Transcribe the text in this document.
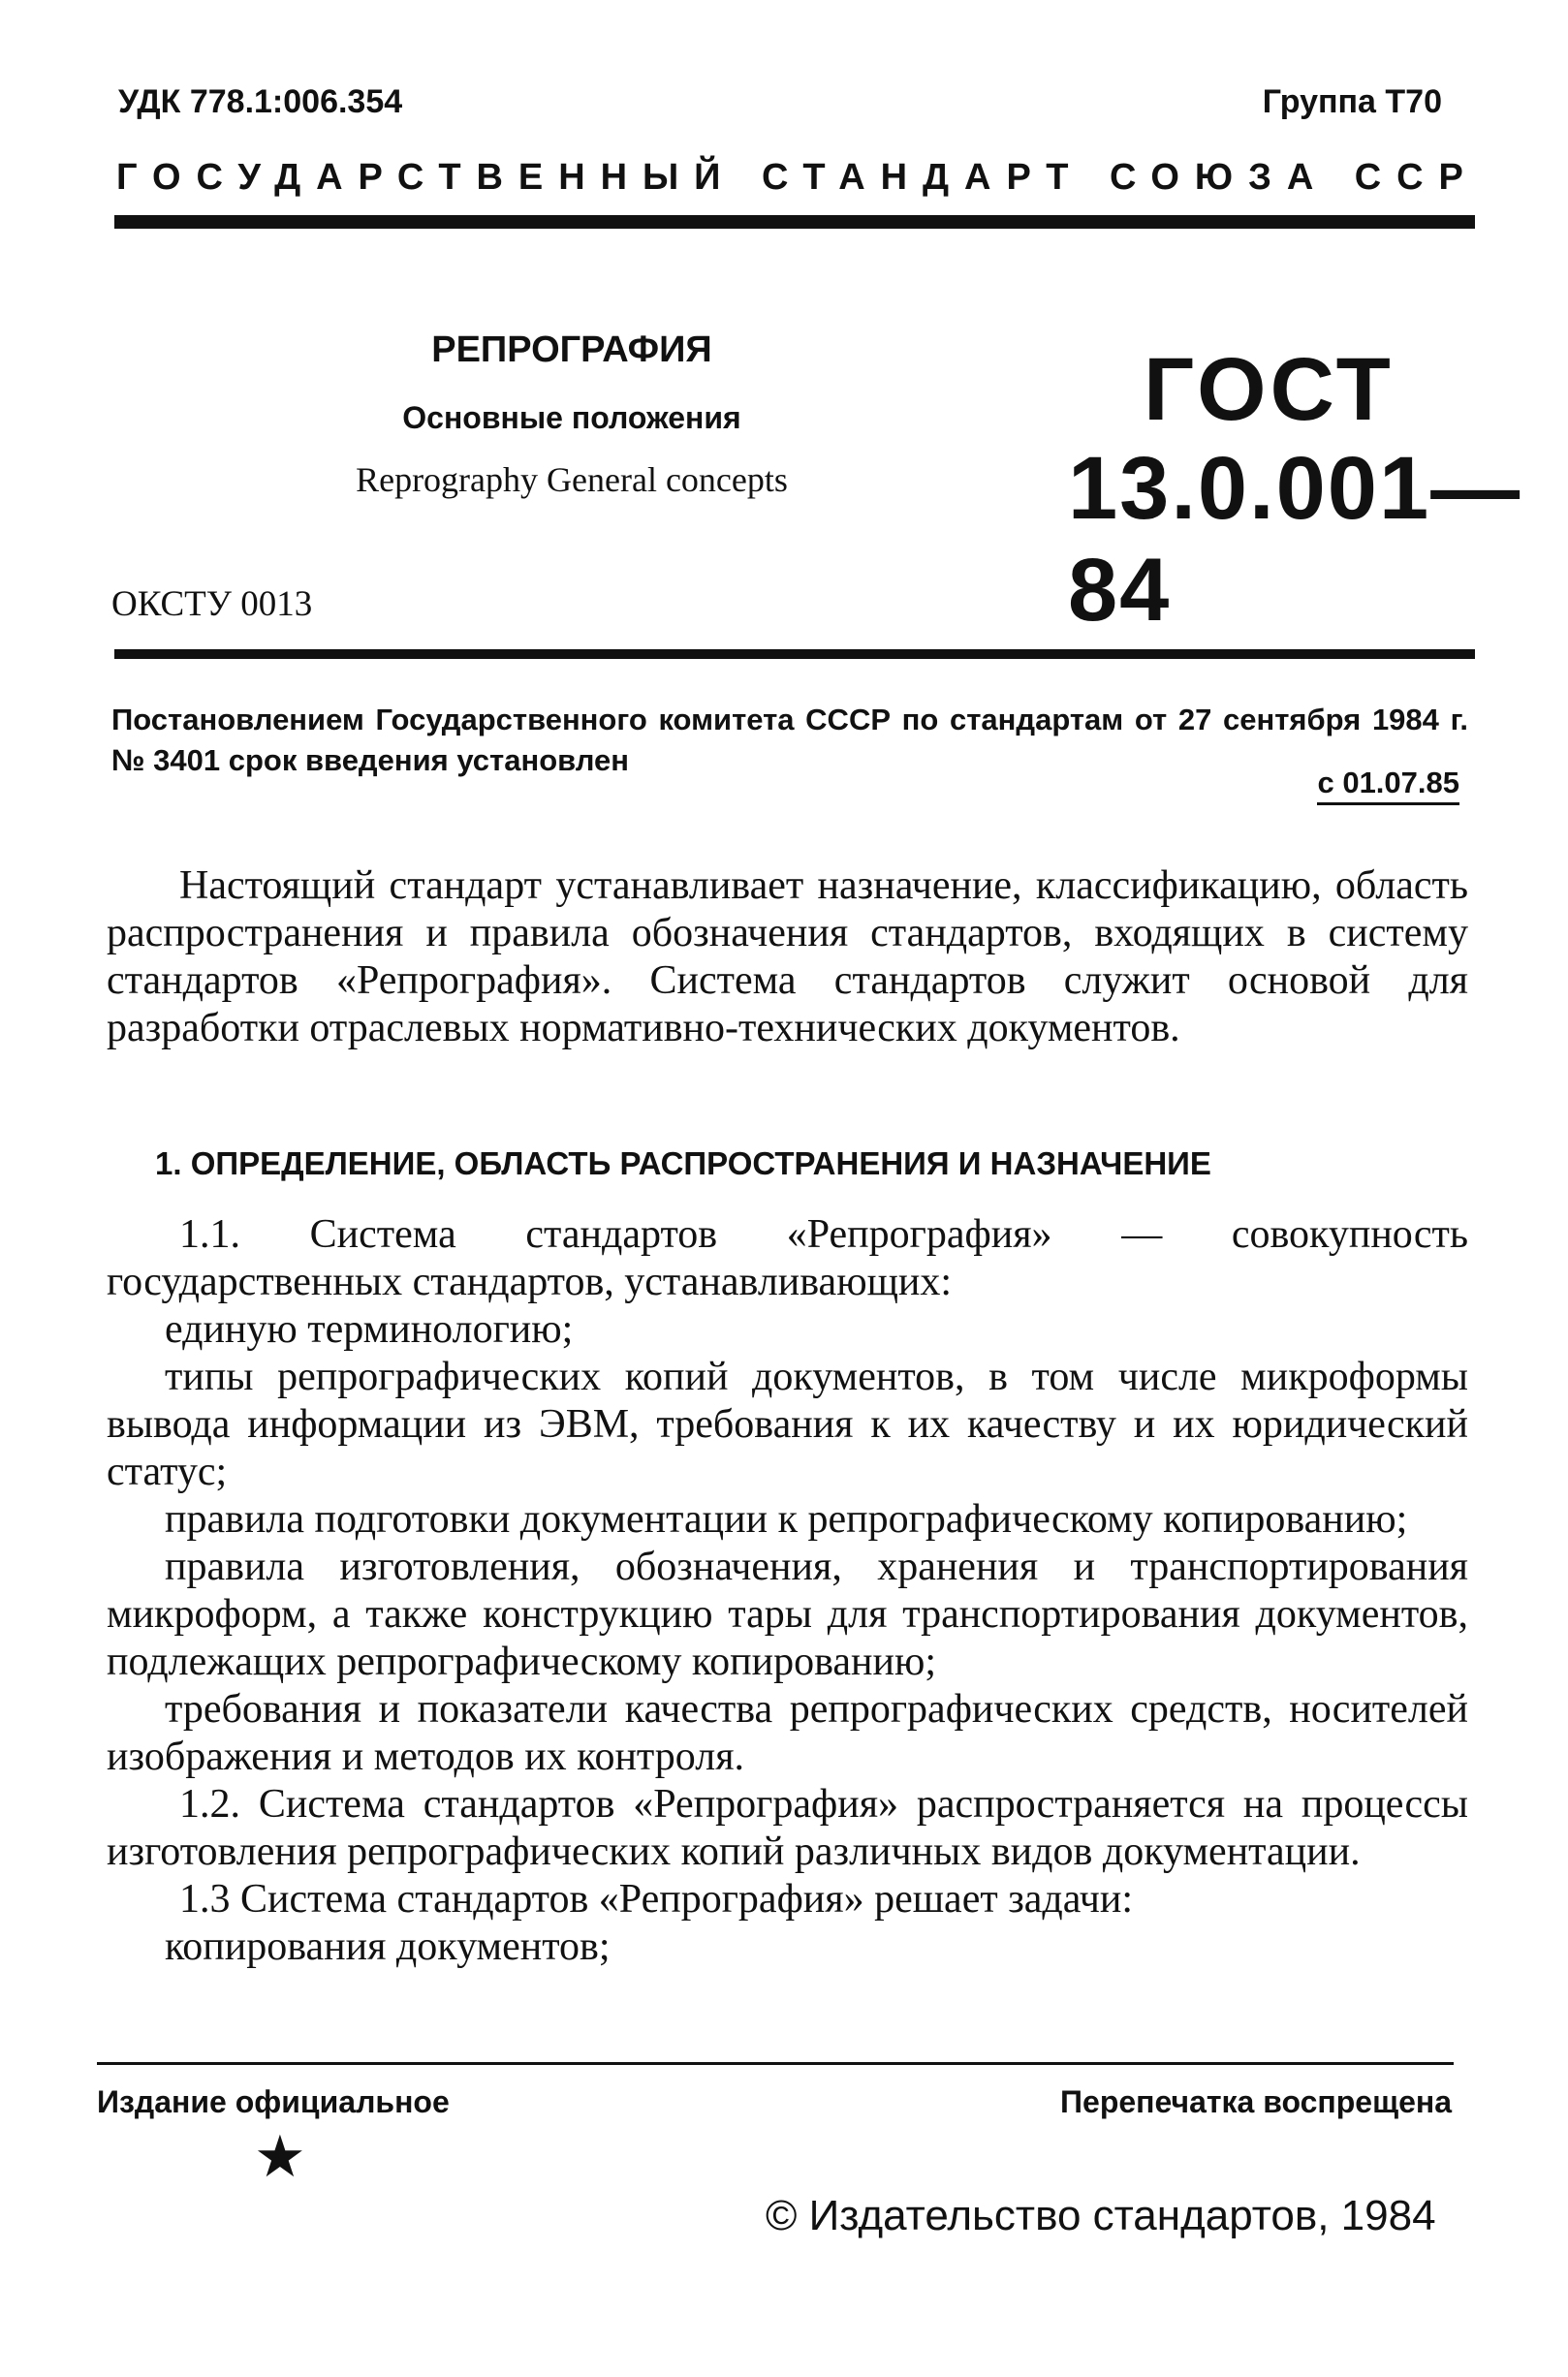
УДК 778.1:006.354	Группа Т70
ГОСУДАРСТВЕННЫЙ СТАНДАРТ СОЮЗА ССР
РЕПРОГРАФИЯ
Основные положения
Reprography General concepts
ГОСТ
13.0.001—84
ОКСТУ 0013
Постановлением Государственного комитета СССР по стандартам от 27 сентября 1984 г. № 3401 срок введения установлен
с 01.07.85

Настоящий стандарт устанавливает назначение, классификацию, область распространения и правила обозначения стандартов, входящих в систему стандартов «Репрография». Система стандартов служит основой для разработки отраслевых нормативно-технических документов.

1. ОПРЕДЕЛЕНИЕ, ОБЛАСТЬ РАСПРОСТРАНЕНИЯ И НАЗНАЧЕНИЕ
1.1. Система стандартов «Репрография» — совокупность государственных стандартов, устанавливающих:
единую терминологию;
типы репрографических копий документов, в том числе микроформы вывода информации из ЭВМ, требования к их качеству и их юридический статус;
правила подготовки документации к репрографическому копированию;
правила изготовления, обозначения, хранения и транспортирования микроформ, а также конструкцию тары для транспортирования документов, подлежащих репрографическому копированию;
требования и показатели качества репрографических средств, носителей изображения и методов их контроля.
1.2. Система стандартов «Репрография» распространяется на процессы изготовления репрографических копий различных видов документации.
1.3 Система стандартов «Репрография» решает задачи:
копирования документов;
Издание официальное	Перепечатка воспрещена
★
© Издательство стандартов, 1984
